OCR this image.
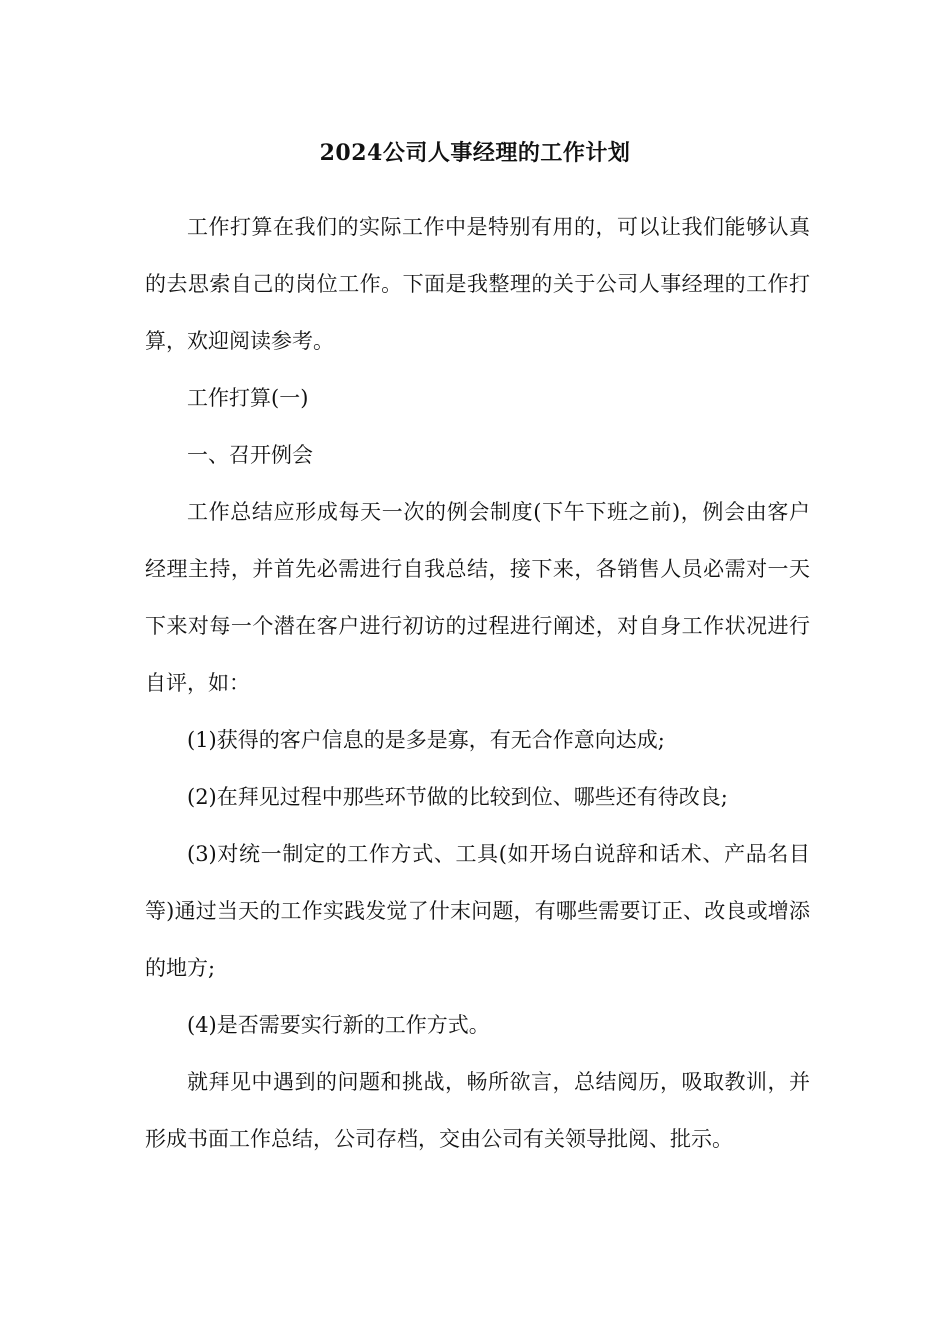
2024公司人事经理的工作计划

工作打算在我们的实际工作中是特别有用的，可以让我们能够认真的去思索自己的岗位工作。下面是我整理的关于公司人事经理的工作打算，欢迎阅读参考。

工作打算(一)

一、召开例会

工作总结应形成每天一次的例会制度(下午下班之前)，例会由客户经理主持，并首先必需进行自我总结，接下来，各销售人员必需对一天下来对每一个潜在客户进行初访的过程进行阐述，对自身工作状况进行自评，如：

(1)获得的客户信息的是多是寡，有无合作意向达成;

(2)在拜见过程中那些环节做的比较到位、哪些还有待改良;

(3)对统一制定的工作方式、工具(如开场白说辞和话术、产品名目等)通过当天的工作实践发觉了什末问题，有哪些需要订正、改良或增添的地方;

(4)是否需要实行新的工作方式。

就拜见中遇到的问题和挑战，畅所欲言，总结阅历，吸取教训，并形成书面工作总结，公司存档，交由公司有关领导批阅、批示。
